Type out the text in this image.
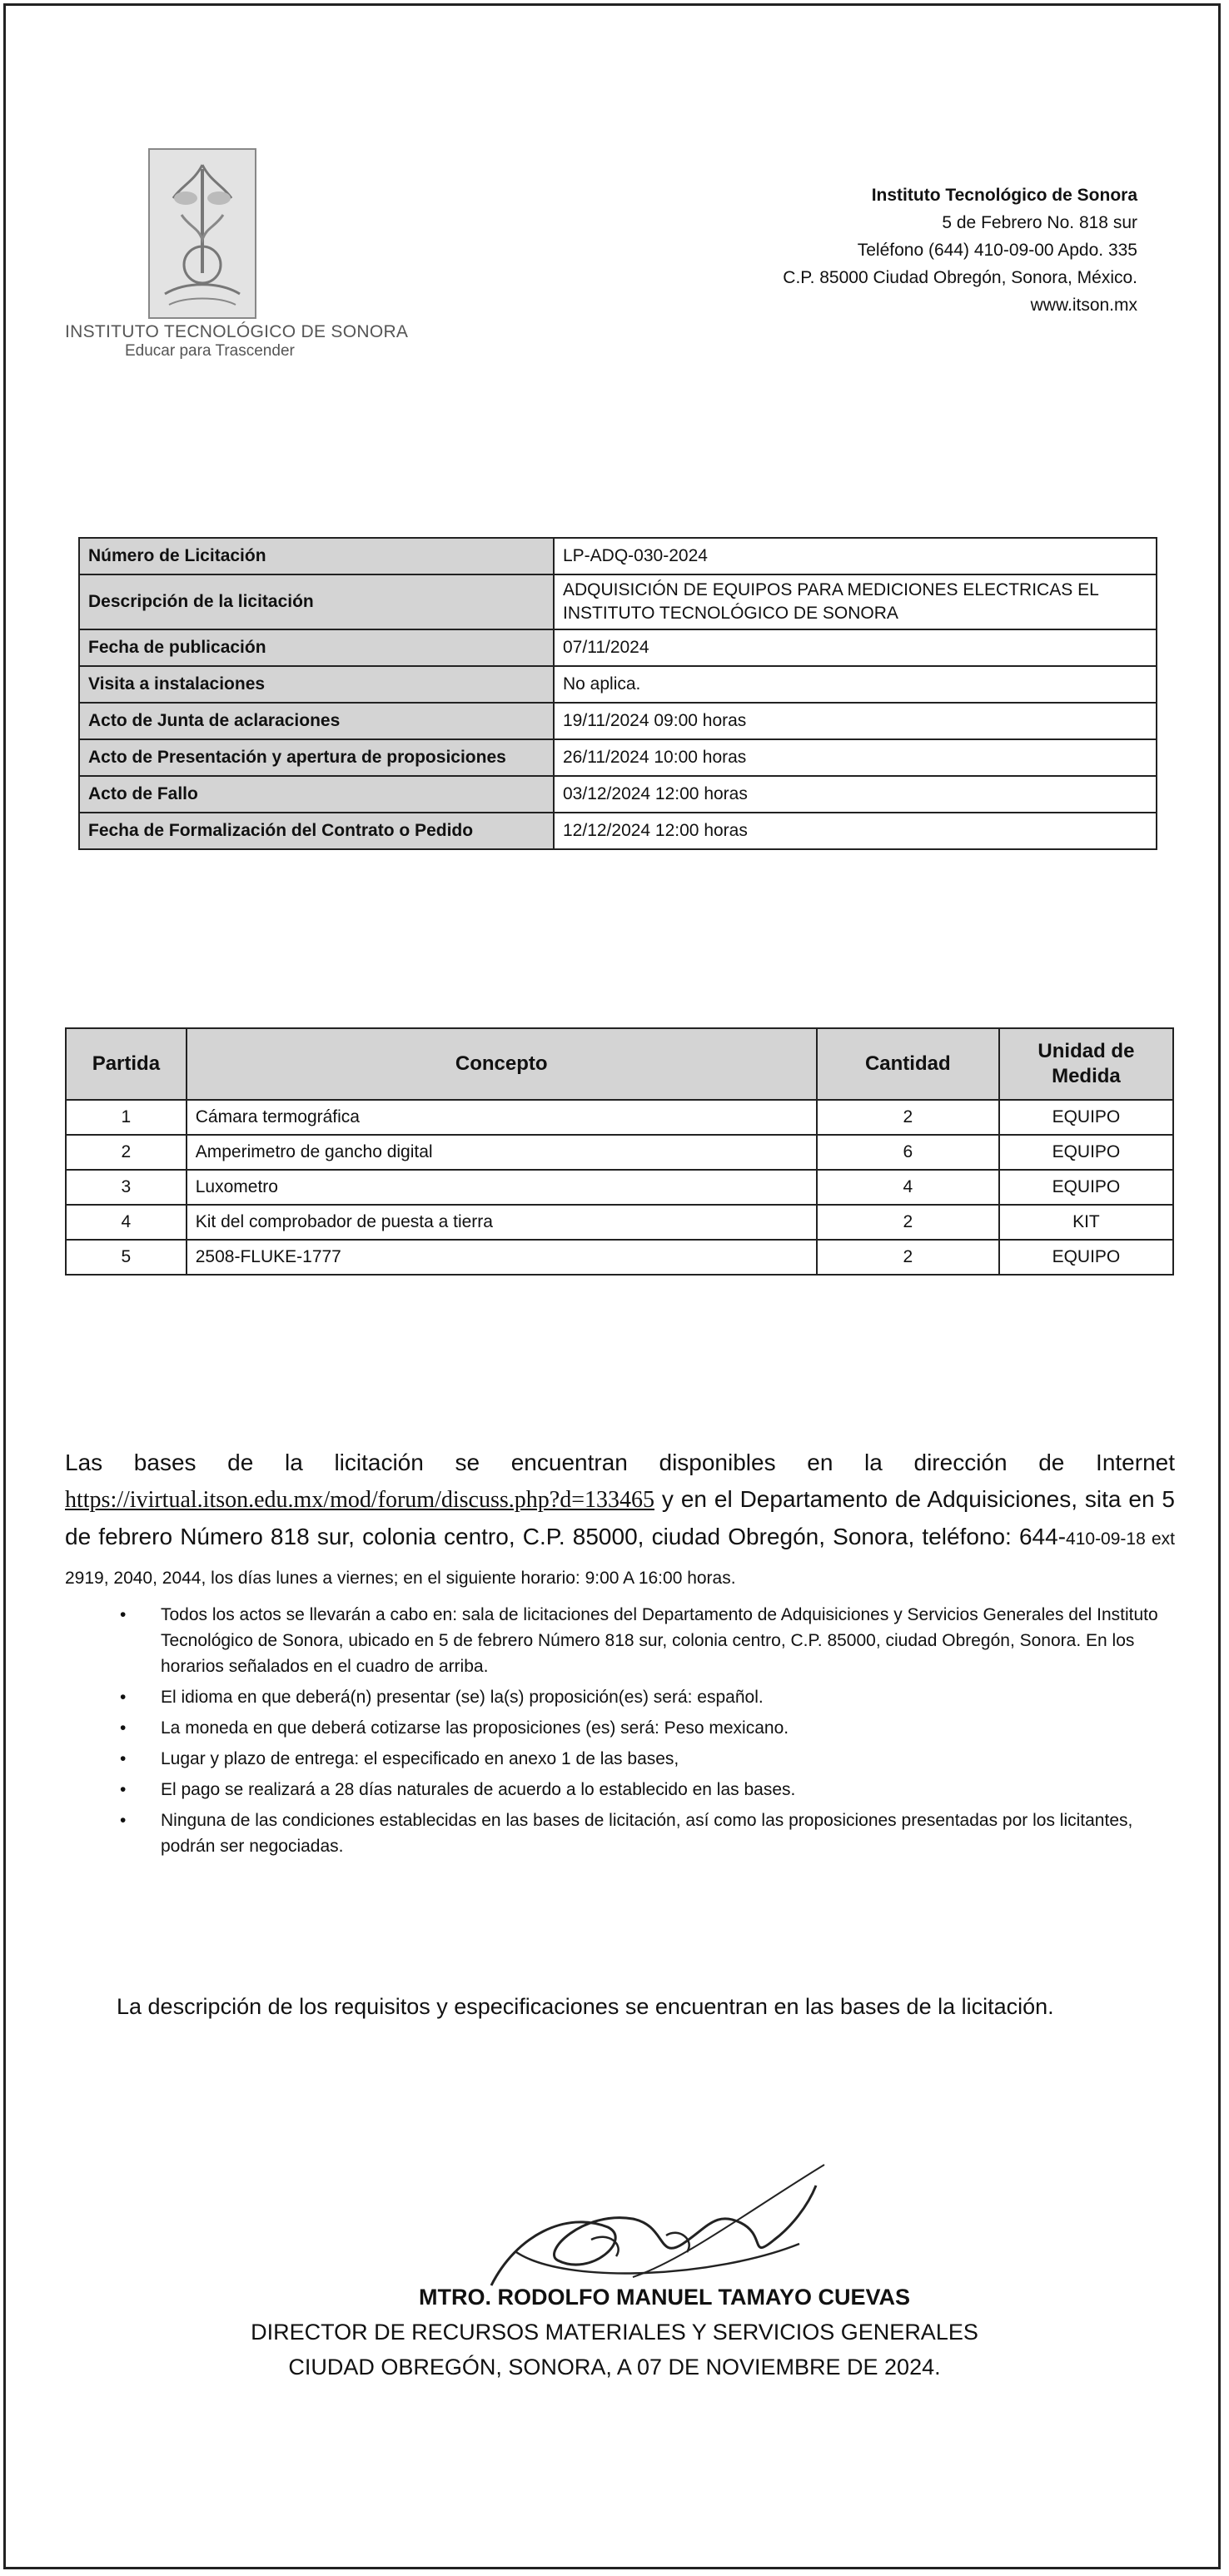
INSTITUTO TECNOLÓGICO DE SONORA
Educar para Trascender
Instituto Tecnológico de Sonora
5 de Febrero No. 818 sur
Teléfono (644) 410-09-00 Apdo. 335
C.P. 85000 Ciudad Obregón, Sonora, México.
www.itson.mx
Número de Licitación	LP-ADQ-030-2024
Descripción de la licitación	ADQUISICIÓN DE EQUIPOS PARA MEDICIONES ELECTRICAS EL INSTITUTO TECNOLÓGICO DE SONORA
Fecha de publicación	07/11/2024
Visita a instalaciones	No aplica.
Acto de Junta de aclaraciones	19/11/2024 09:00 horas
Acto de Presentación y apertura de proposiciones	26/11/2024 10:00 horas
Acto de Fallo	03/12/2024 12:00 horas
Fecha de Formalización del Contrato o Pedido	12/12/2024 12:00 horas
Partida	Concepto	Cantidad	Unidad de Medida
1	Cámara termográfica	2	EQUIPO
2	Amperimetro de gancho digital	6	EQUIPO
3	Luxometro	4	EQUIPO
4	Kit del comprobador de puesta a tierra	2	KIT
5	2508-FLUKE-1777	2	EQUIPO
Las bases de la licitación se encuentran disponibles en la dirección de Internet https://ivirtual.itson.edu.mx/mod/forum/discuss.php?d=133465 y en el Departamento de Adquisiciones, sita en 5 de febrero Número 818 sur, colonia centro, C.P. 85000, ciudad Obregón, Sonora, teléfono: 644-410-09-18 ext 2919, 2040, 2044, los días lunes a viernes; en el siguiente horario: 9:00 A 16:00 horas.
• Todos los actos se llevarán a cabo en: sala de licitaciones del Departamento de Adquisiciones y Servicios Generales del Instituto Tecnológico de Sonora, ubicado en 5 de febrero Número 818 sur, colonia centro, C.P. 85000, ciudad Obregón, Sonora. En los horarios señalados en el cuadro de arriba.
• El idioma en que deberá(n) presentar (se) la(s) proposición(es) será: español.
• La moneda en que deberá cotizarse las proposiciones (es) será: Peso mexicano.
• Lugar y plazo de entrega: el especificado en anexo 1 de las bases,
• El pago se realizará a 28 días naturales de acuerdo a lo establecido en las bases.
• Ninguna de las condiciones establecidas en las bases de licitación, así como las proposiciones presentadas por los licitantes, podrán ser negociadas.
La descripción de los requisitos y especificaciones se encuentran en las bases de la licitación.
MTRO. RODOLFO MANUEL TAMAYO CUEVAS
DIRECTOR DE RECURSOS MATERIALES Y SERVICIOS GENERALES
CIUDAD OBREGÓN, SONORA, A 07 DE NOVIEMBRE DE 2024.
